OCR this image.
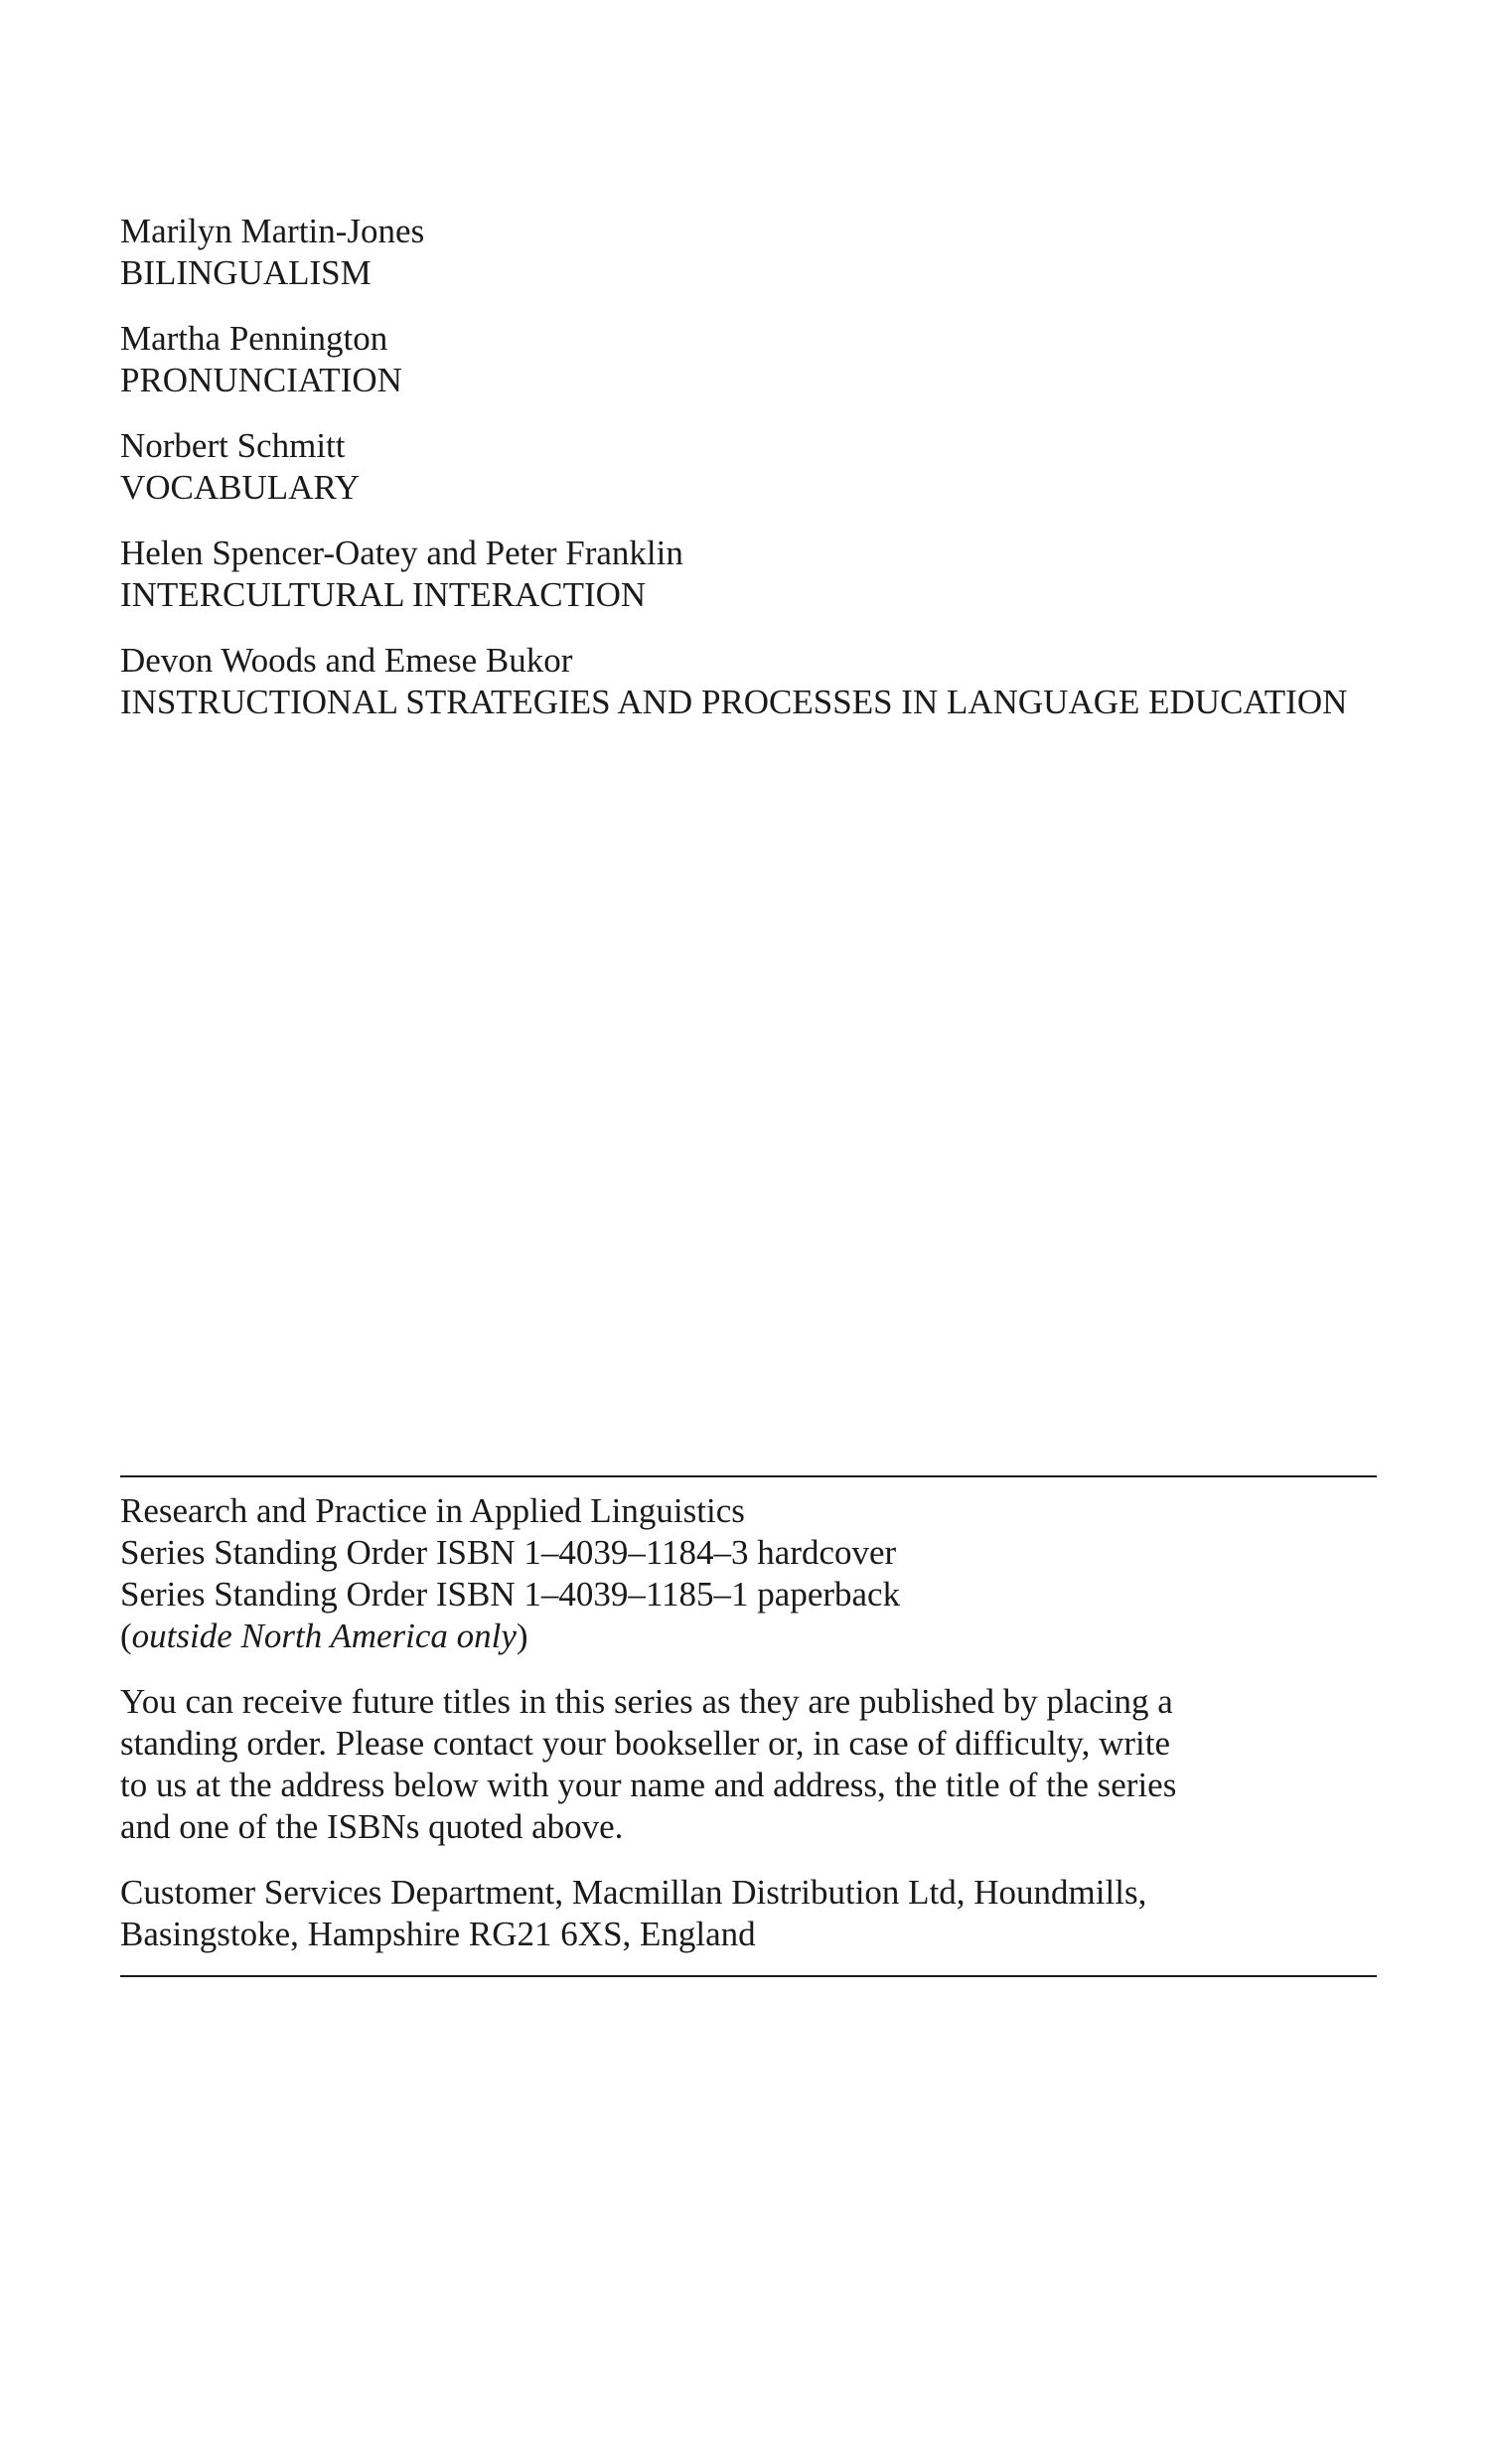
Marilyn Martin-Jones
BILINGUALISM
Martha Pennington
PRONUNCIATION
Norbert Schmitt
VOCABULARY
Helen Spencer-Oatey and Peter Franklin
INTERCULTURAL INTERACTION
Devon Woods and Emese Bukor
INSTRUCTIONAL STRATEGIES AND PROCESSES IN LANGUAGE EDUCATION
Research and Practice in Applied Linguistics
Series Standing Order ISBN 1–4039–1184–3 hardcover
Series Standing Order ISBN 1–4039–1185–1 paperback
(outside North America only)
You can receive future titles in this series as they are published by placing a
standing order. Please contact your bookseller or, in case of difficulty, write
to us at the address below with your name and address, the title of the series
and one of the ISBNs quoted above.
Customer Services Department, Macmillan Distribution Ltd, Houndmills,
Basingstoke, Hampshire RG21 6XS, England
